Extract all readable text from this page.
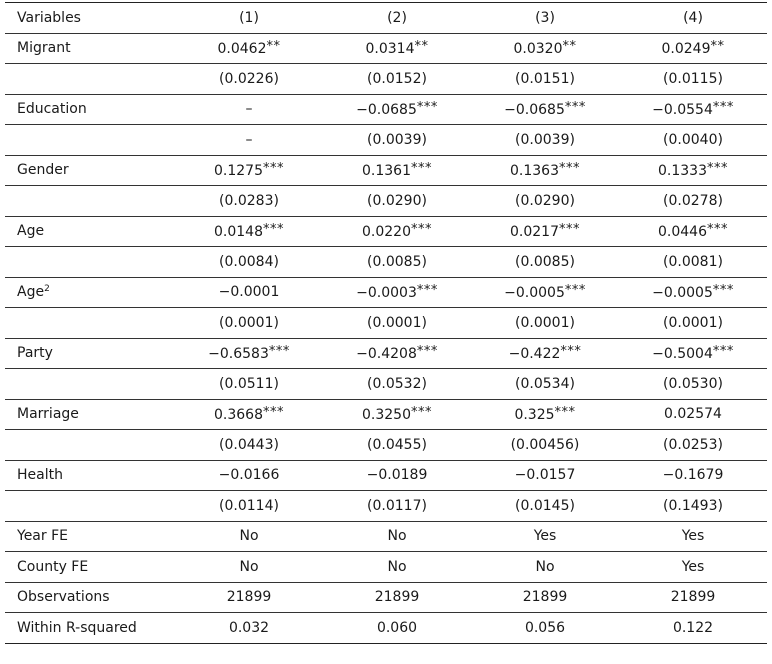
Variables	(1)	(2)	(3)	(4)
Migrant	0.0462**	0.0314**	0.0320**	0.0249**
	(0.0226)	(0.0152)	(0.0151)	(0.0115)
Education	–	−0.0685***	−0.0685***	−0.0554***
	–	(0.0039)	(0.0039)	(0.0040)
Gender	0.1275***	0.1361***	0.1363***	0.1333***
	(0.0283)	(0.0290)	(0.0290)	(0.0278)
Age	0.0148***	0.0220***	0.0217***	0.0446***
	(0.0084)	(0.0085)	(0.0085)	(0.0081)
Age$^2$	−0.0001	−0.0003***	−0.0005***	−0.0005***
	(0.0001)	(0.0001)	(0.0001)	(0.0001)
Party	−0.6583***	−0.4208***	−0.422***	−0.5004***
	(0.0511)	(0.0532)	(0.0534)	(0.0530)
Marriage	0.3668***	0.3250***	0.325***	0.02574
	(0.0443)	(0.0455)	(0.00456)	(0.0253)
Health	−0.0166	−0.0189	−0.0157	−0.1679
	(0.0114)	(0.0117)	(0.0145)	(0.1493)
Year FE	No	No	Yes	Yes
County FE	No	No	No	Yes
Observations	21899	21899	21899	21899
Within R-squared	0.032	0.060	0.056	0.122
